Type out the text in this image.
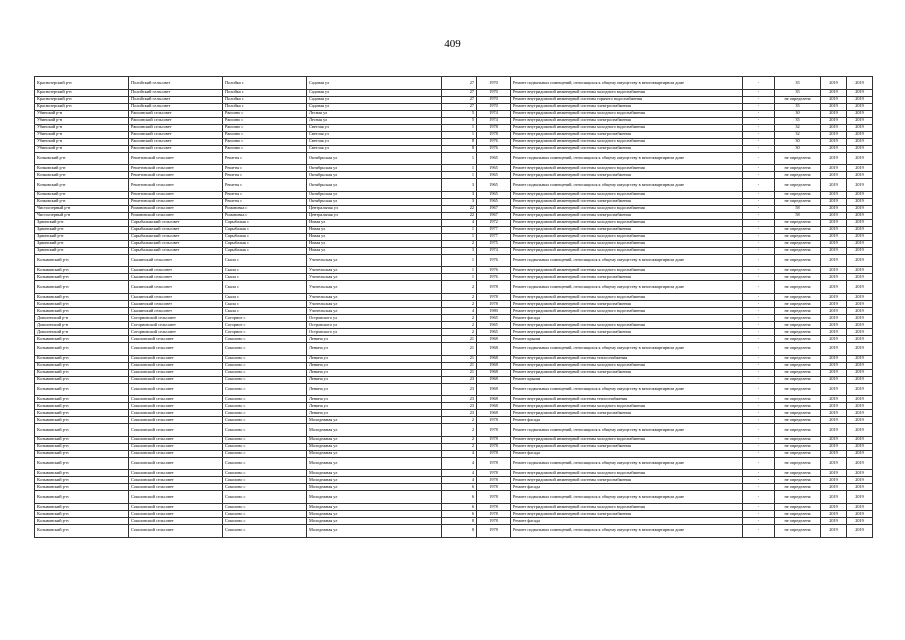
409
Краснозерский р-н	Полойский сельсовет	Полойка с	Садовая ул	27	1970	Ремонт подвальных помещений, относящихся к общему имуществу в многоквартирном доме	-	35	2019	2019
Краснозерский р-н	Полойский сельсовет	Полойка с	Садовая ул	27	1970	Ремонт внутридомовой инженерной системы холодного водоснабжения	-	35	2019	2019
Краснозерский р-н	Полойский сельсовет	Полойка с	Садовая ул	27	1970	Ремонт внутридомовой инженерной системы горячего водоснабжения	-	не определена	2019	2019
Краснозерский р-н	Полойский сельсовет	Полойка с	Садовая ул	27	1970	Ремонт внутридомовой инженерной системы электроснабжения	-	35	2019	2019
Убинский р-н	Раисинский сельсовет	Раисино с	Лесная ул	5	1974	Ремонт внутридомовой инженерной системы холодного водоснабжения	-	30	2019	2019
Убинский р-н	Раисинский сельсовет	Раисино с	Лесная ул	5	1974	Ремонт внутридомовой инженерной системы электроснабжения	-	35	2019	2019
Убинский р-н	Раисинский сельсовет	Раисино с	Светлая ул	1	1978	Ремонт внутридомовой инженерной системы холодного водоснабжения	-	32	2019	2019
Убинский р-н	Раисинский сельсовет	Раисино с	Светлая ул	1	1978	Ремонт внутридомовой инженерной системы электроснабжения	-	32	2019	2019
Убинский р-н	Раисинский сельсовет	Раисино с	Светлая ул	8	1976	Ремонт внутридомовой инженерной системы холодного водоснабжения	-	30	2019	2019
Убинский р-н	Раисинский сельсовет	Раисино с	Светлая ул	8	1976	Ремонт внутридомовой инженерной системы электроснабжения	-	30	2019	2019
Кочковский р-н	Решетовский сельсовет	Решеты с	Октябрьская ул	1	1965	Ремонт подвальных помещений, относящихся к общему имуществу в многоквартирном доме	-	не определена	2019	2019
Кочковский р-н	Решетовский сельсовет	Решеты с	Октябрьская ул	1	1965	Ремонт внутридомовой инженерной системы холодного водоснабжения	-	не определена	2019	2019
Кочковский р-н	Решетовский сельсовет	Решеты с	Октябрьская ул	1	1965	Ремонт внутридомовой инженерной системы электроснабжения	-	не определена	2019	2019
Кочковский р-н	Решетовский сельсовет	Решеты с	Октябрьская ул	3	1965	Ремонт подвальных помещений, относящихся к общему имуществу в многоквартирном доме	-	не определена	2019	2019
Кочковский р-н	Решетовский сельсовет	Решеты с	Октябрьская ул	3	1965	Ремонт внутридомовой инженерной системы холодного водоснабжения	-	не определена	2019	2019
Кочковский р-н	Решетовский сельсовет	Решеты с	Октябрьская ул	3	1965	Ремонт внутридомовой инженерной системы электроснабжения	-	не определена	2019	2019
Чистоозерный р-н	Романовский сельсовет	Романовка с	Центральная ул	22	1967	Ремонт внутридомовой инженерной системы холодного водоснабжения	-	58	2019	2019
Чистоозерный р-н	Романовский сельсовет	Романовка с	Центральная ул	22	1967	Ремонт внутридомовой инженерной системы электроснабжения	-	58	2019	2019
Здвинский р-н	Сарыбалыкский сельсовет	Сарыбалык с	Новая ул	4	1972	Ремонт внутридомовой инженерной системы холодного водоснабжения	-	не определена	2019	2019
Здвинский р-н	Сарыбалыкский сельсовет	Сарыбалык с	Новая ул	1	1977	Ремонт внутридомовой инженерной системы электроснабжения	-	не определена	2019	2019
Здвинский р-н	Сарыбалыкский сельсовет	Сарыбалык с	Новая ул	1	1977	Ремонт внутридомовой инженерной системы холодного водоснабжения	-	не определена	2019	2019
Здвинский р-н	Сарыбалыкский сельсовет	Сарыбалык с	Новая ул	2	1975	Ремонт внутридомовой инженерной системы холодного водоснабжения	-	не определена	2019	2019
Здвинский р-н	Сарыбалыкский сельсовет	Сарыбалык с	Новая ул	3	1974	Ремонт внутридомовой инженерной системы холодного водоснабжения	-	не определена	2019	2019
Колыванский р-н	Скалинский сельсовет	Скала с	Учительская ул	1	1976	Ремонт подвальных помещений, относящихся к общему имуществу в многоквартирном доме	-	не определена	2019	2019
Колыванский р-н	Скалинский сельсовет	Скала с	Учительская ул	1	1976	Ремонт внутридомовой инженерной системы холодного водоснабжения	-	не определена	2019	2019
Колыванский р-н	Скалинский сельсовет	Скала с	Учительская ул	1	1976	Ремонт внутридомовой инженерной системы электроснабжения	-	не определена	2019	2019
Колыванский р-н	Скалинский сельсовет	Скала с	Учительская ул	2	1978	Ремонт подвальных помещений, относящихся к общему имуществу в многоквартирном доме	-	не определена	2019	2019
Колыванский р-н	Скалинский сельсовет	Скала с	Учительская ул	2	1978	Ремонт внутридомовой инженерной системы холодного водоснабжения	-	не определена	2019	2019
Колыванский р-н	Скалинский сельсовет	Скала с	Учительская ул	2	1978	Ремонт внутридомовой инженерной системы электроснабжения	-	не определена	2019	2019
Колыванский р-н	Скалинский сельсовет	Скала с	Учительская ул	4	1980	Ремонт внутридомовой инженерной системы холодного водоснабжения	-	не определена	2019	2019
Доволенский р-н	Согорновский сельсовет	Согорное с	Островского ул	2	1965	Ремонт фасада	-	не определена	2019	2019
Доволенский р-н	Согорновский сельсовет	Согорное с	Островского ул	2	1965	Ремонт внутридомовой инженерной системы холодного водоснабжения	-	не определена	2019	2019
Доволенский р-н	Согорновский сельсовет	Согорное с	Островского ул	2	1965	Ремонт внутридомовой инженерной системы электроснабжения	-	не определена	2019	2019
Колыванский р-н	Соколовский сельсовет	Соколово с	Ленина ул	21	1968	Ремонт крыши	-	не определена	2019	2019
Колыванский р-н	Соколовский сельсовет	Соколово с	Ленина ул	21	1968	Ремонт подвальных помещений, относящихся к общему имуществу в многоквартирном доме	-	не определена	2019	2019
Колыванский р-н	Соколовский сельсовет	Соколово с	Ленина ул	21	1968	Ремонт внутридомовой инженерной системы теплоснабжения	-	не определена	2019	2019
Колыванский р-н	Соколовский сельсовет	Соколово с	Ленина ул	21	1968	Ремонт внутридомовой инженерной системы холодного водоснабжения	-	не определена	2019	2019
Колыванский р-н	Соколовский сельсовет	Соколово с	Ленина ул	21	1968	Ремонт внутридомовой инженерной системы электроснабжения	-	не определена	2019	2019
Колыванский р-н	Соколовский сельсовет	Соколово с	Ленина ул	23	1968	Ремонт крыши	-	не определена	2019	2019
Колыванский р-н	Соколовский сельсовет	Соколово с	Ленина ул	23	1968	Ремонт подвальных помещений, относящихся к общему имуществу в многоквартирном доме	-	не определена	2019	2019
Колыванский р-н	Соколовский сельсовет	Соколово с	Ленина ул	23	1968	Ремонт внутридомовой инженерной системы теплоснабжения	-	не определена	2019	2019
Колыванский р-н	Соколовский сельсовет	Соколово с	Ленина ул	23	1968	Ремонт внутридомовой инженерной системы холодного водоснабжения	-	не определена	2019	2019
Колыванский р-н	Соколовский сельсовет	Соколово с	Ленина ул	23	1968	Ремонт внутридомовой инженерной системы электроснабжения	-	не определена	2019	2019
Колыванский р-н	Соколовский сельсовет	Соколово с	Молодежная ул	2	1978	Ремонт фасада	-	не определена	2019	2019
Колыванский р-н	Соколовский сельсовет	Соколово с	Молодежная ул	2	1978	Ремонт подвальных помещений, относящихся к общему имуществу в многоквартирном доме	-	не определена	2019	2019
Колыванский р-н	Соколовский сельсовет	Соколово с	Молодежная ул	2	1978	Ремонт внутридомовой инженерной системы холодного водоснабжения	-	не определена	2019	2019
Колыванский р-н	Соколовский сельсовет	Соколово с	Молодежная ул	2	1978	Ремонт внутридомовой инженерной системы электроснабжения	-	не определена	2019	2019
Колыванский р-н	Соколовский сельсовет	Соколово с	Молодежная ул	4	1978	Ремонт фасада	-	не определена	2019	2019
Колыванский р-н	Соколовский сельсовет	Соколово с	Молодежная ул	4	1978	Ремонт подвальных помещений, относящихся к общему имуществу в многоквартирном доме	-	не определена	2019	2019
Колыванский р-н	Соколовский сельсовет	Соколово с	Молодежная ул	4	1978	Ремонт внутридомовой инженерной системы холодного водоснабжения	-	не определена	2019	2019
Колыванский р-н	Соколовский сельсовет	Соколово с	Молодежная ул	4	1978	Ремонт внутридомовой инженерной системы электроснабжения	-	не определена	2019	2019
Колыванский р-н	Соколовский сельсовет	Соколово с	Молодежная ул	6	1978	Ремонт фасада	-	не определена	2019	2019
Колыванский р-н	Соколовский сельсовет	Соколово с	Молодежная ул	6	1978	Ремонт подвальных помещений, относящихся к общему имуществу в многоквартирном доме	-	не определена	2019	2019
Колыванский р-н	Соколовский сельсовет	Соколово с	Молодежная ул	6	1978	Ремонт внутридомовой инженерной системы холодного водоснабжения	-	не определена	2019	2019
Колыванский р-н	Соколовский сельсовет	Соколово с	Молодежная ул	6	1978	Ремонт внутридомовой инженерной системы электроснабжения	-	не определена	2019	2019
Колыванский р-н	Соколовский сельсовет	Соколово с	Молодежная ул	8	1978	Ремонт фасада	-	не определена	2019	2019
Колыванский р-н	Соколовский сельсовет	Соколово с	Молодежная ул	8	1978	Ремонт подвальных помещений, относящихся к общему имуществу в многоквартирном доме	-	не определена	2019	2019
